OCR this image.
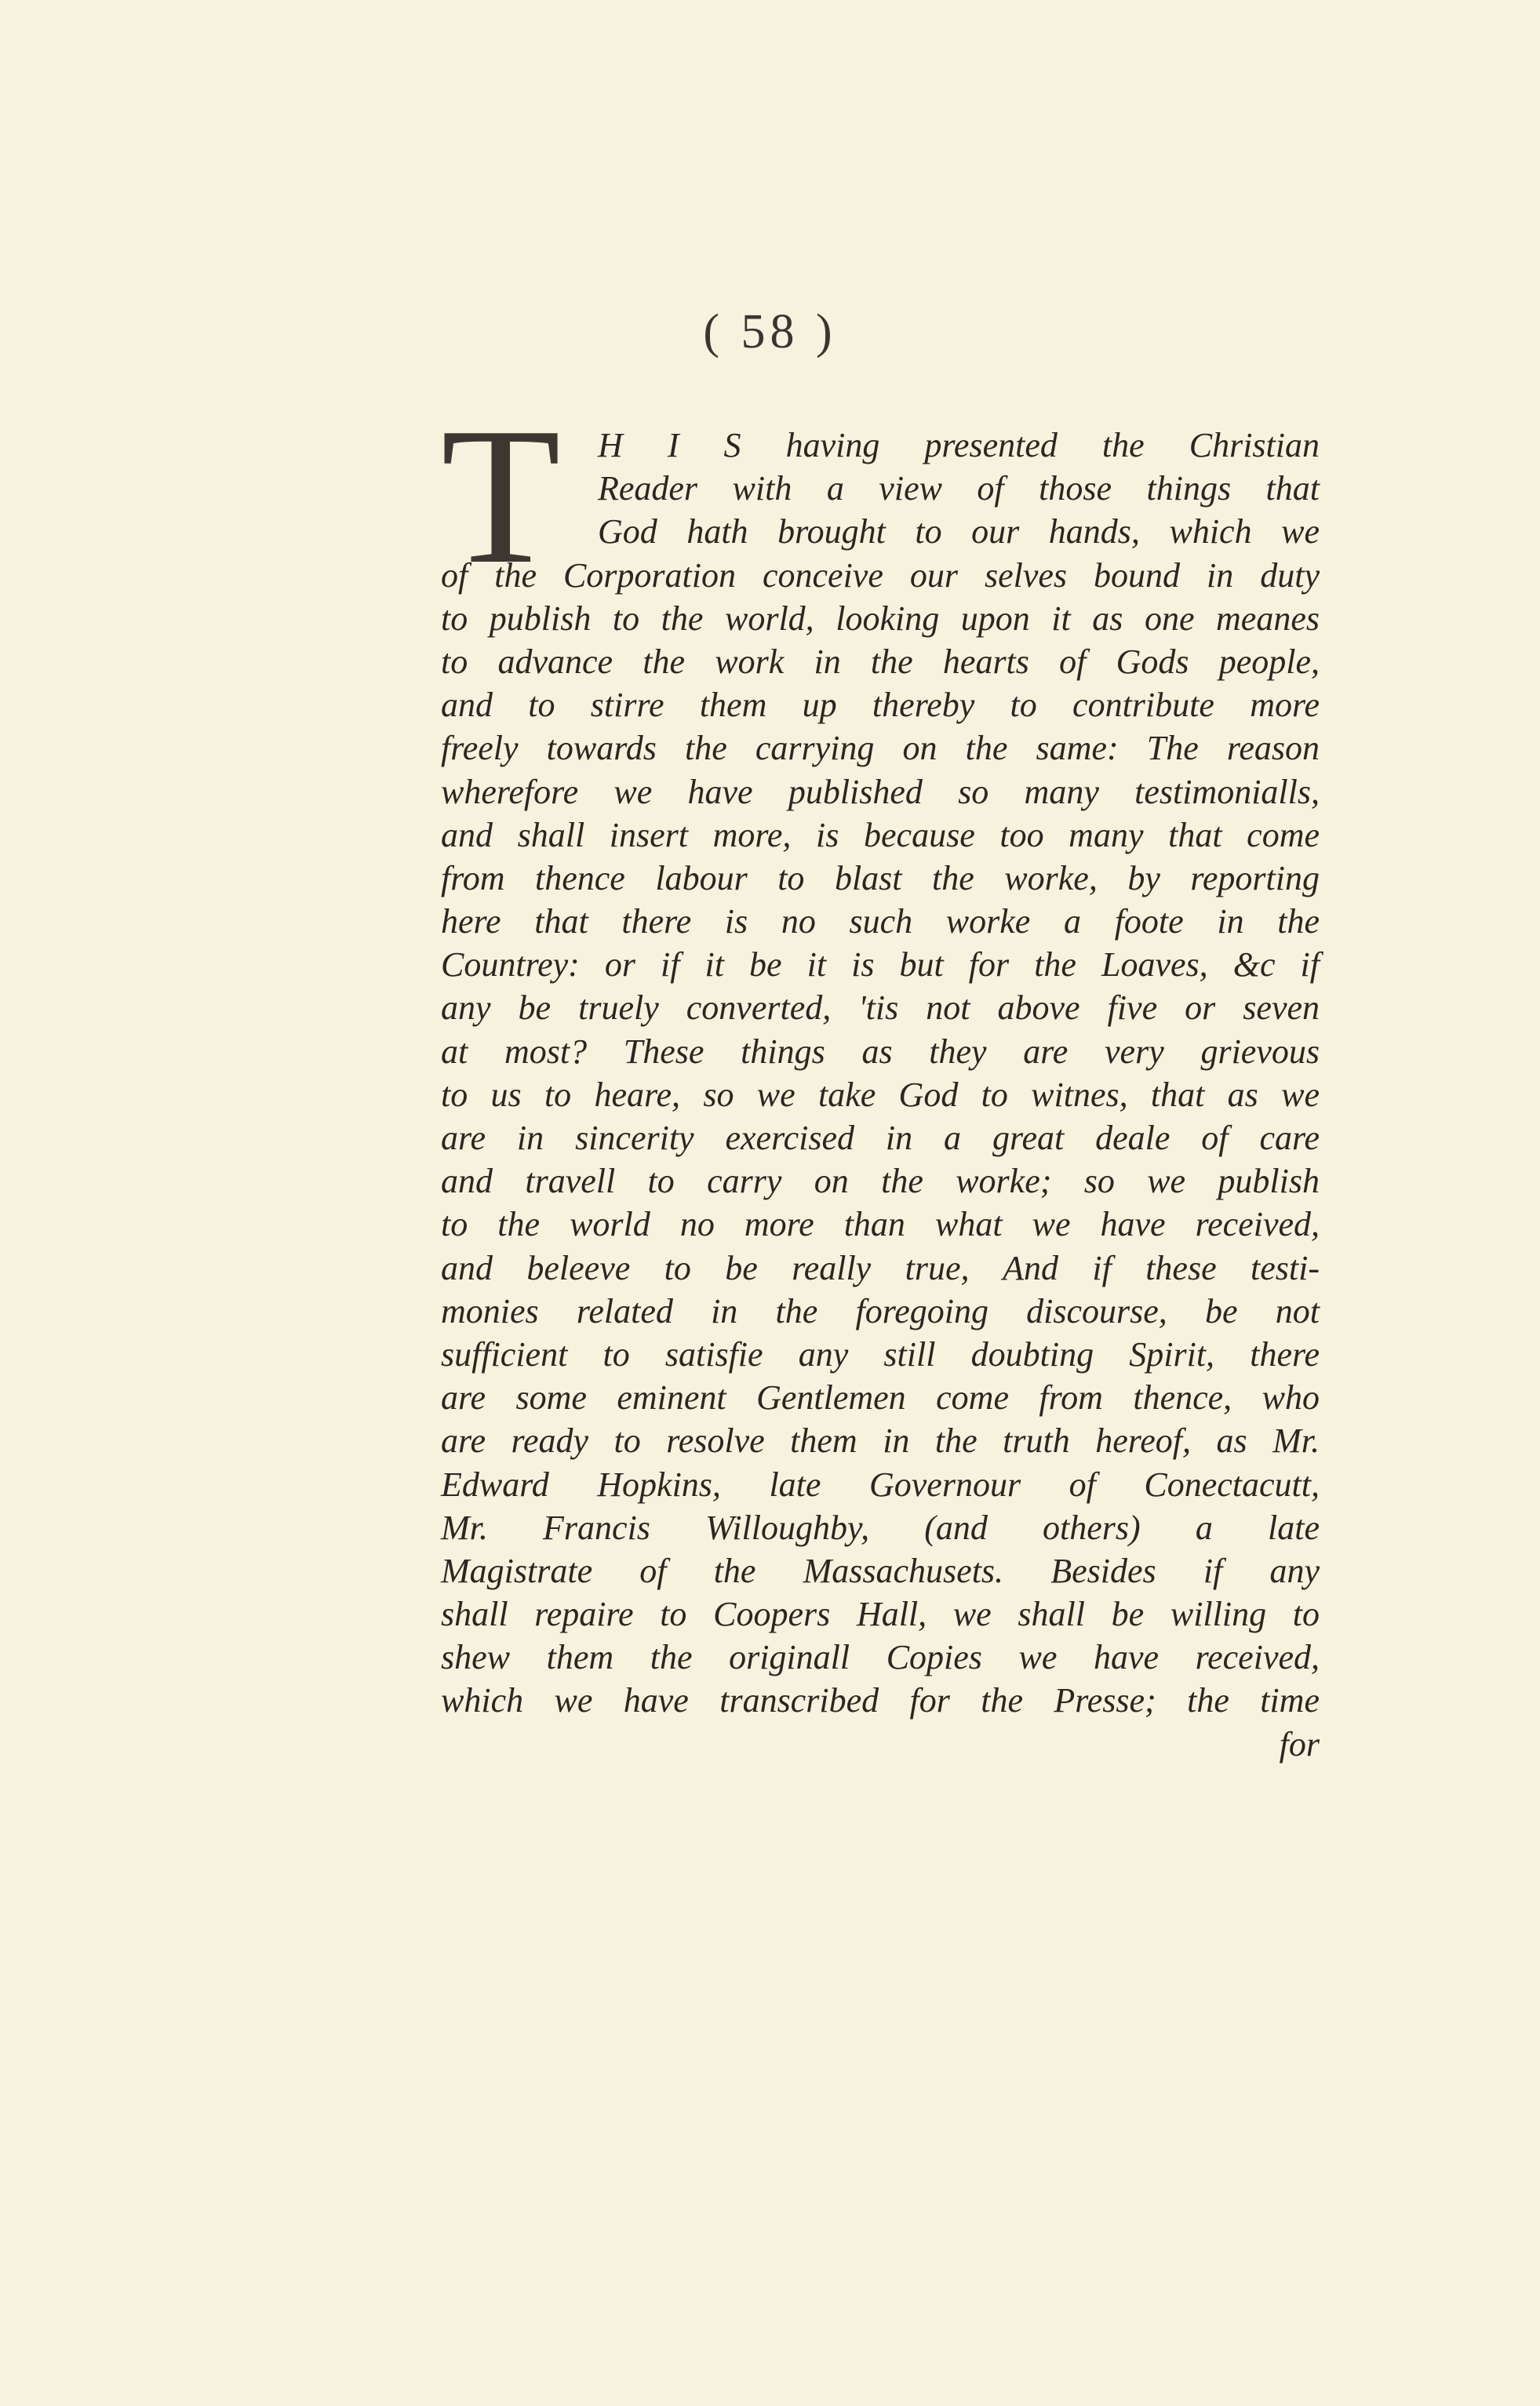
( 58 )
T H I S having presented the Christian
Reader with a view of those things that
God hath brought to our hands, which we
of the Corporation conceive our selves bound in duty
to publish to the world, looking upon it as one meanes
to advance the work in the hearts of Gods people,
and to stirre them up thereby to contribute more
freely towards the carrying on the same: The reason
wherefore we have published so many testimonialls,
and shall insert more, is because too many that come
from thence labour to blast the worke, by reporting
here that there is no such worke a foote in the
Countrey: or if it be it is but for the Loaves, &c if
any be truely converted, 'tis not above five or seven
at most? These things as they are very grievous
to us to heare, so we take God to witnes, that as we
are in sincerity exercised in a great deale of care
and travell to carry on the worke; so we publish
to the world no more than what we have received,
and beleeve to be really true, And if these testi-
monies related in the foregoing discourse, be not
sufficient to satisfie any still doubting Spirit, there
are some eminent Gentlemen come from thence, who
are ready to resolve them in the truth hereof, as Mr.
Edward Hopkins, late Governour of Conectacutt,
Mr. Francis Willoughby, (and others) a late
Magistrate of the Massachusets. Besides if any
shall repaire to Coopers Hall, we shall be willing to
shew them the originall Copies we have received,
which we have transcribed for the Presse; the time
for
